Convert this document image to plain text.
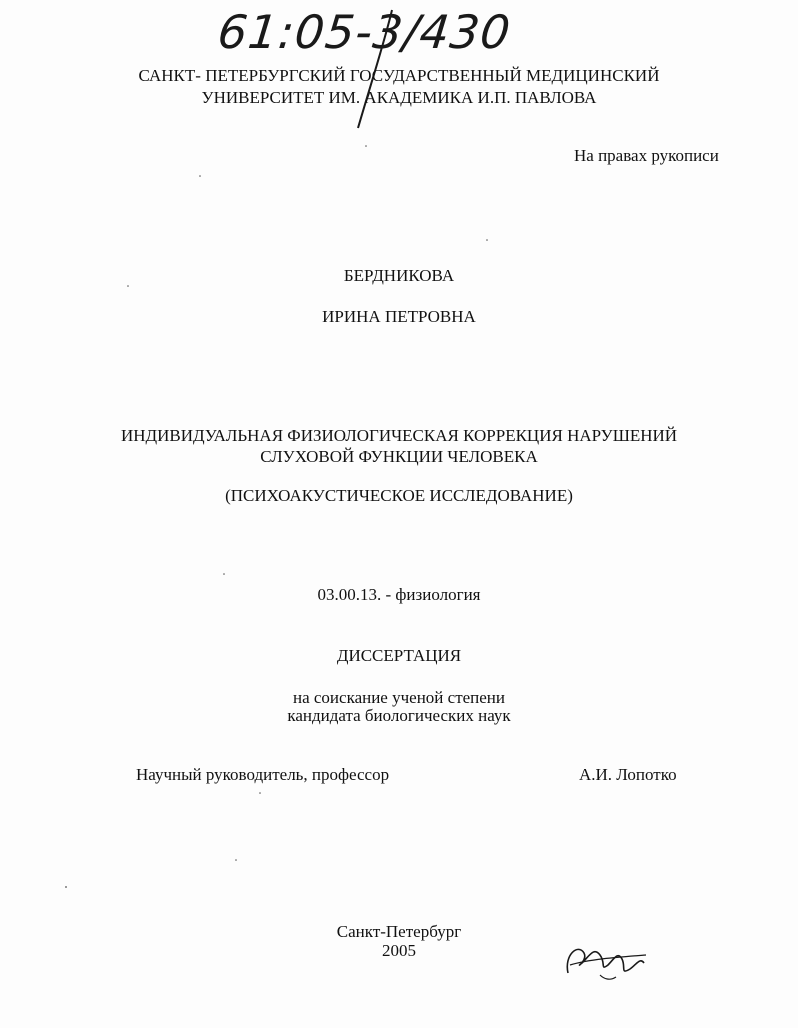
61:05-3/430
САНКТ- ПЕТЕРБУРГСКИЙ ГОСУДАРСТВЕННЫЙ МЕДИЦИНСКИЙ
УНИВЕРСИТЕТ ИМ. АКАДЕМИКА И.П. ПАВЛОВА
На правах рукописи
БЕРДНИКОВА
ИРИНА ПЕТРОВНА
ИНДИВИДУАЛЬНАЯ ФИЗИОЛОГИЧЕСКАЯ КОРРЕКЦИЯ НАРУШЕНИЙ
СЛУХОВОЙ ФУНКЦИИ ЧЕЛОВЕКА
(ПСИХОАКУСТИЧЕСКОЕ ИССЛЕДОВАНИЕ)
03.00.13. - физиология
ДИССЕРТАЦИЯ
на соискание ученой степени
кандидата биологических наук
Научный руководитель, профессор	А.И. Лопотко
Санкт-Петербург
2005
